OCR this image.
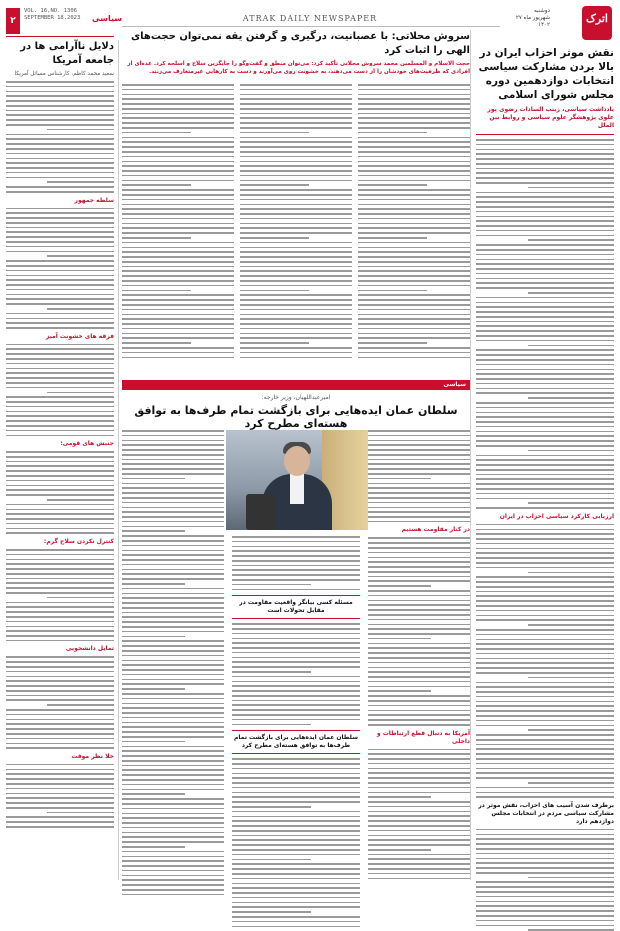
۲
VOL. 16,NO. 1306
SEPTEMBER 18,2023 سیاسی	ATRAK DAILY NEWSPAPER
دوشنبه
۲۷ شهریور ماه ۱۴۰۲	اترک
نقش موثر احزاب ایران در بالا بردن مشارکت سیاسی انتخابات دوازدهمین دوره مجلس شورای اسلامی
یادداشت سیاسی، زینب السادات رضوی پور علوی پژوهشگر علوم سیاسی و روابط بین الملل
ارزیابی کارکرد سیاسی احزاب در ایران
برطرف شدن آسیب های احزاب، نقش موثر در مشارکت سیاسی مردم در انتخابات مجلس دوازدهم دارد
سروش محلاتی: با عصبانیت، درگیری و گرفتن یقه نمی‌توان حجت‌های الهی را اثبات کرد
حجت الاسلام و المسلمین محمد سروش محلاتی تأکید کرد: می‌توان منطق و گفت‌وگو را جایگزین سلاح و اسلحه کرد. عده‌ای از افرادی که ظرفیت‌های خودشان را از دست می‌دهند، به خشونت روی می‌آورند و دست به کارهایی غیرمتعارف می‌زنند.
سیاسی
امیرعبداللهیان، وزیر خارجه:
سلطان عمان ایده‌هایی برای بازگشت تمام طرف‌ها به توافق هسته‌ای مطرح کرد
در کنار مقاومت هستیم
آمریکا به دنبال قطع ارتباطات و داخلی
مسئله کسی بیانگر واقعیت مقاومت در مقابل تحولات است
سلطان عمان ایده‌هایی برای بازگشت تمام طرف‌ها به توافق هسته‌ای مطرح کرد
دلایل ناآرامی ها در جامعه آمریکا
سعید محمد کاظم، کارشناس مسائل آمریکا
سلطه جمهور
فرقه های خشونت آمیز
جنبش های قومی:
کنترل نکردن سلاح گرم:
تمایل دانشجویی
خلا نظر موقت
